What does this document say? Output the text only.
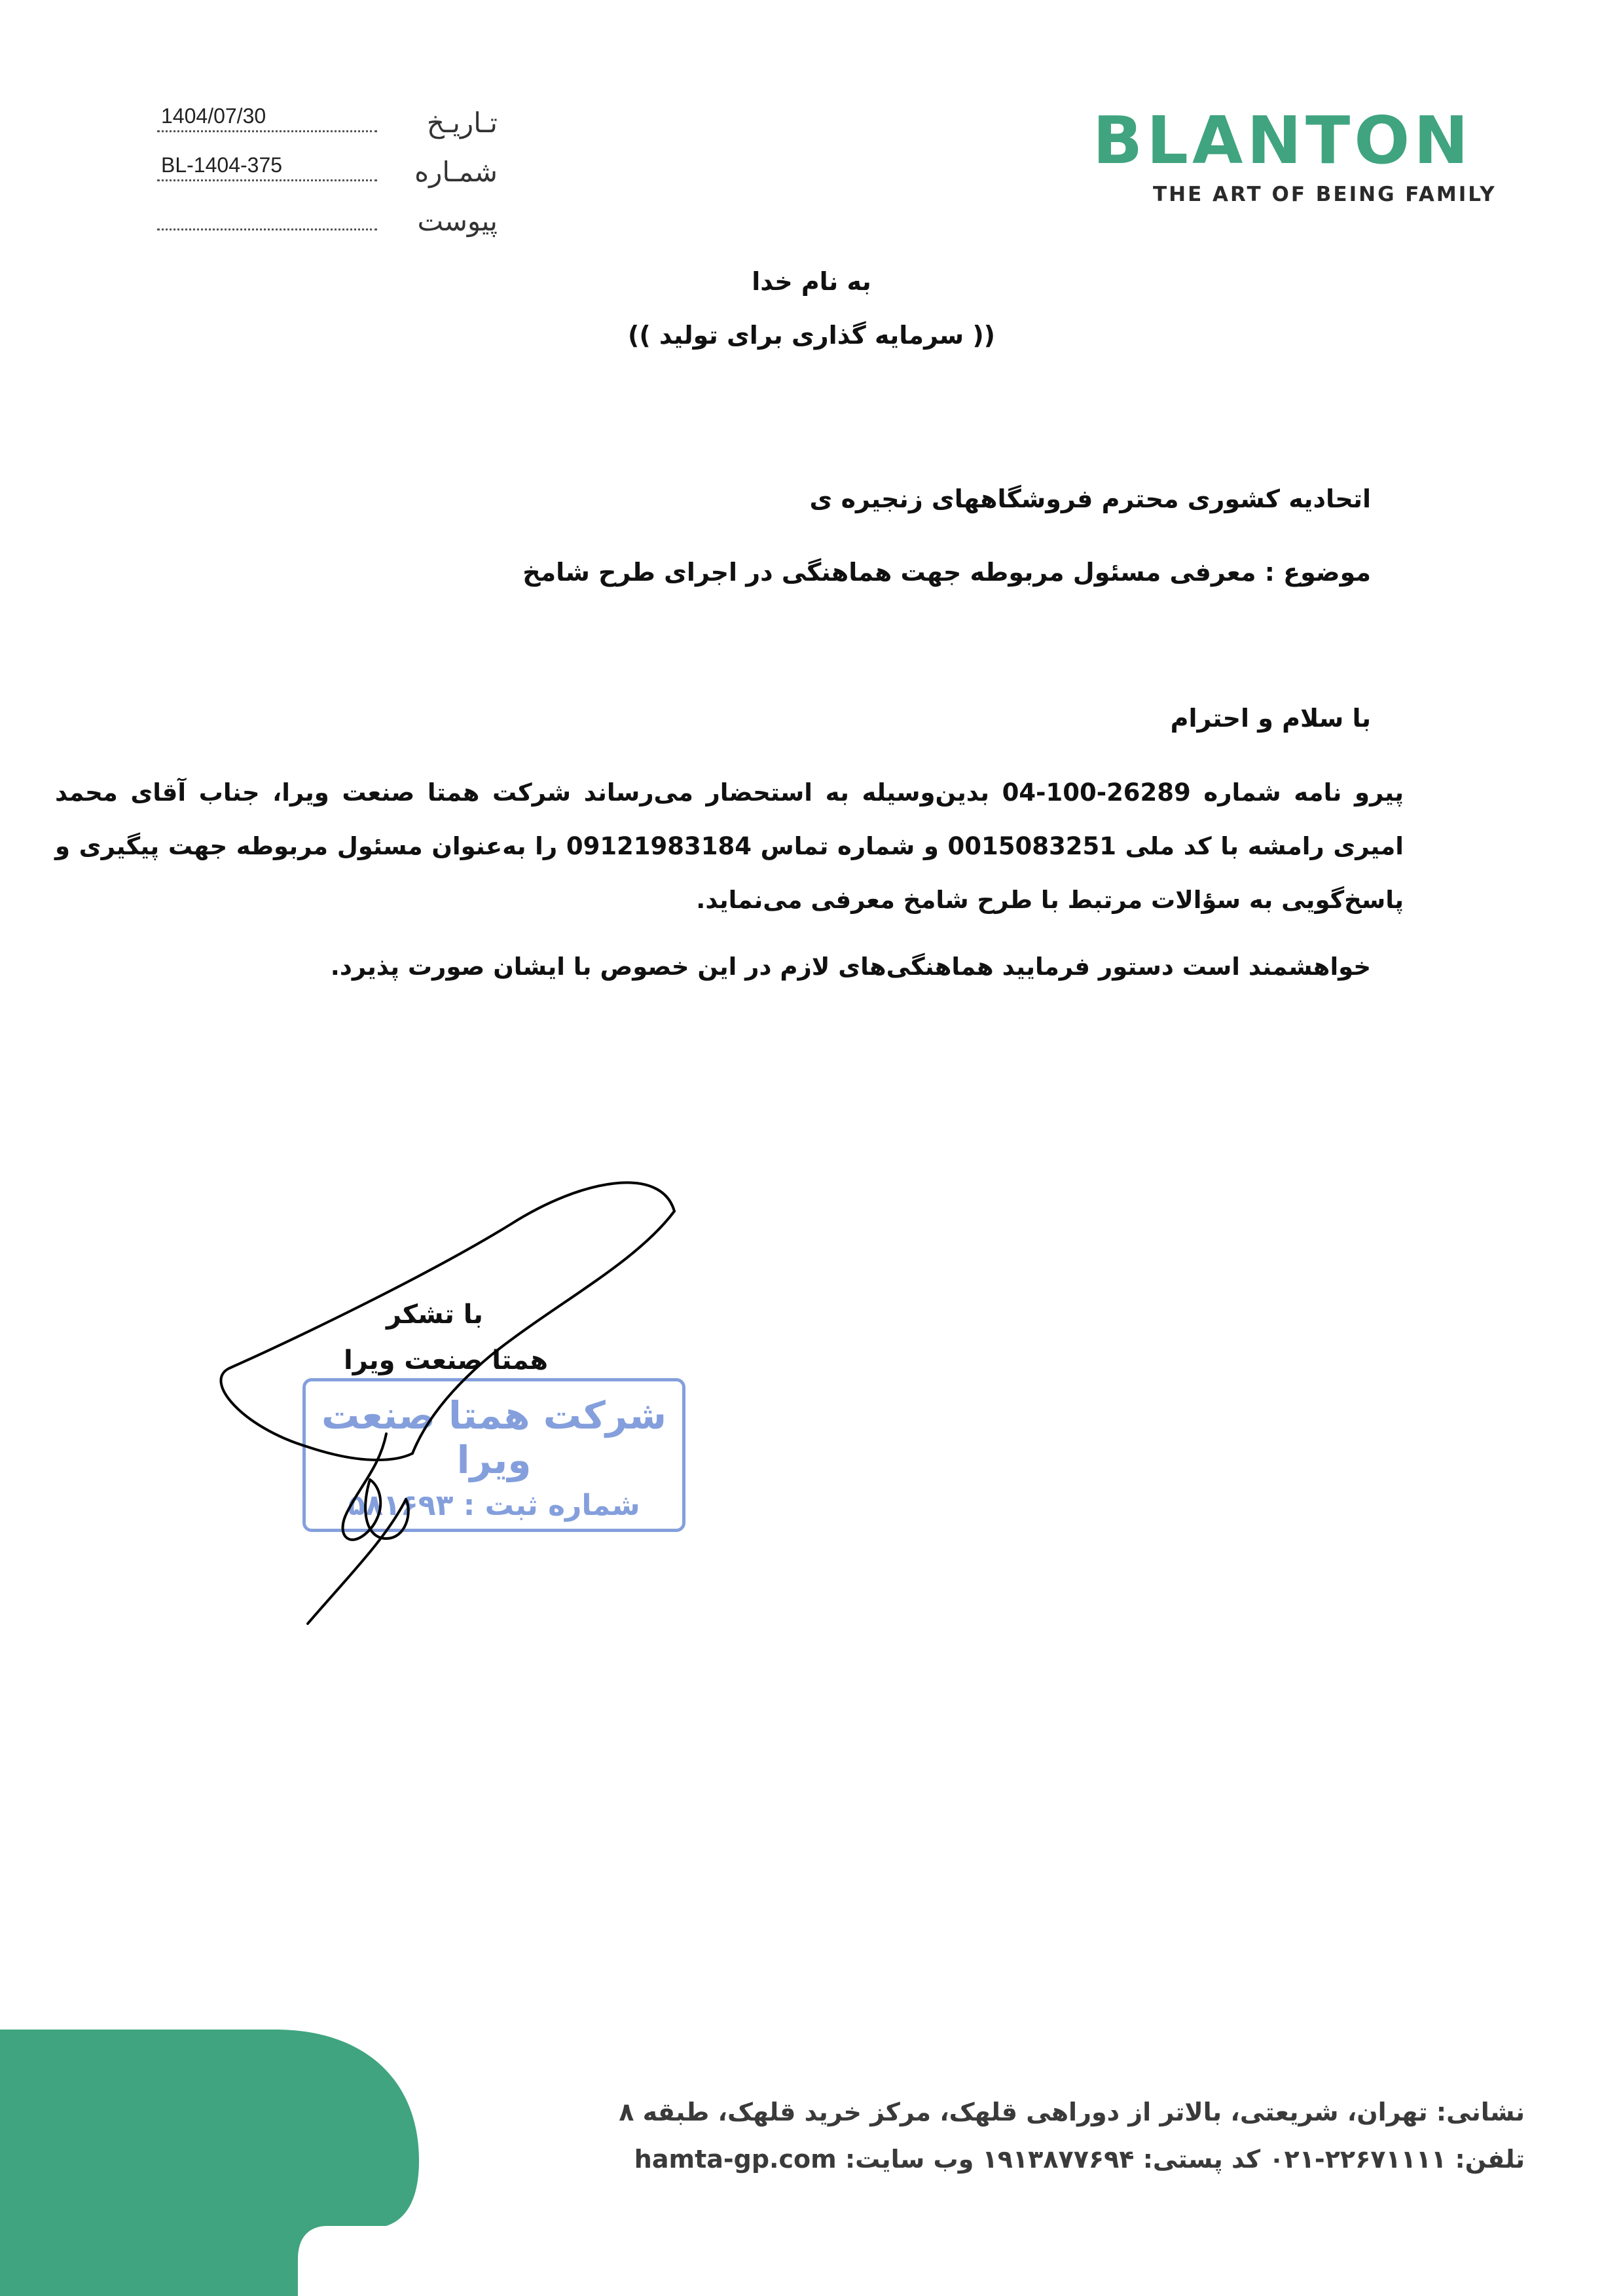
BLANTON
THE ART OF BEING FAMILY
1404/07/30	تـاریـخ
BL-1404-375	شمـاره
پیوست
به نام خدا
(( سرمایه گذاری برای تولید ))
اتحادیه کشوری محترم فروشگاههای زنجیره ی
موضوع : معرفی مسئول مربوطه جهت هماهنگی در اجرای طرح شامخ
با سلام و احترام
پیرو نامه شماره 26289-100-04 بدین‌وسیله به استحضار می‌رساند شرکت همتا صنعت ویرا، جناب آقای محمد امیری رامشه با کد ملی 0015083251 و شماره تماس 09121983184 را به‌عنوان مسئول مربوطه جهت پیگیری و پاسخ‌گویی به سؤالات مرتبط با طرح شامخ معرفی می‌نماید.
خواهشمند است دستور فرمایید هماهنگی‌های لازم در این خصوص با ایشان صورت پذیرد.
با تشکر
همتا صنعت ویرا
شرکت همتا صنعت ویرا
شماره ثبت : ۵۸۱۶۹۳
نشانی: تهران، شریعتی، بالاتر از دوراهی قلهک، مرکز خرید قلهک، طبقه ۸
تلفن: ۲۲۶۷۱۱۱۱-۰۲۱ کد پستی: ۱۹۱۳۸۷۷۶۹۴ وب سایت: hamta-gp.com
